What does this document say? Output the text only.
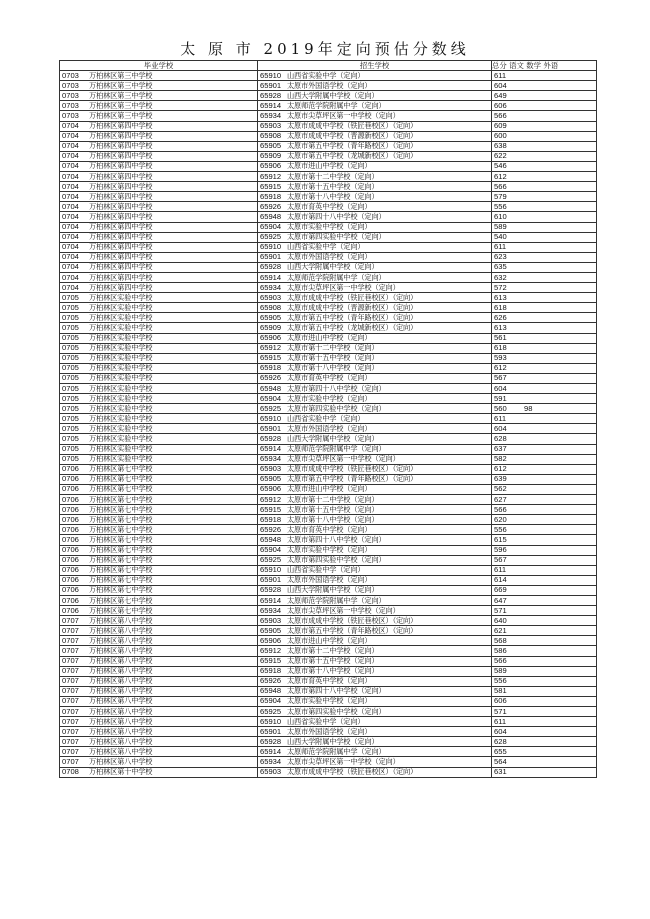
太 原 市 2019年定向预估分数线
毕业学校	招生学校	总分 语文 数学 外语

0703 万柏林区第三中学校	65910 山西省实验中学（定向）	611

0703 万柏林区第三中学校	65901 太原市外国语学校（定向）	604

0703 万柏林区第三中学校	65928 山西大学附属中学校（定向）	649

0703 万柏林区第三中学校	65914 太原师范学院附属中学（定向）	606

0703 万柏林区第三中学校	65934 太原市尖草坪区第一中学校（定向）	566

0704 万柏林区第四中学校	65903 太原市成成中学校（铁匠巷校区）（定向）	609

0704 万柏林区第四中学校	65908 太原市成成中学校（晋源新校区）（定向）	600

0704 万柏林区第四中学校	65905 太原市第五中学校（青年路校区）（定向）	638

0704 万柏林区第四中学校	65909 太原市第五中学校（龙城新校区）（定向）	622

0704 万柏林区第四中学校	65906 太原市进山中学校（定向）	546

0704 万柏林区第四中学校	65912 太原市第十二中学校（定向）	612

0704 万柏林区第四中学校	65915 太原市第十五中学校（定向）	566

0704 万柏林区第四中学校	65918 太原市第十八中学校（定向）	579

0704 万柏林区第四中学校	65926 太原市育英中学校（定向）	556

0704 万柏林区第四中学校	65948 太原市第四十八中学校（定向）	610

0704 万柏林区第四中学校	65904 太原市实验中学校（定向）	589

0704 万柏林区第四中学校	65925 太原市第四实验中学校（定向）	540

0704 万柏林区第四中学校	65910 山西省实验中学（定向）	611

0704 万柏林区第四中学校	65901 太原市外国语学校（定向）	623

0704 万柏林区第四中学校	65928 山西大学附属中学校（定向）	635

0704 万柏林区第四中学校	65914 太原师范学院附属中学（定向）	632

0704 万柏林区第四中学校	65934 太原市尖草坪区第一中学校（定向）	572

0705 万柏林区实验中学校	65903 太原市成成中学校（铁匠巷校区）（定向）	613

0705 万柏林区实验中学校	65908 太原市成成中学校（晋源新校区）（定向）	618

0705 万柏林区实验中学校	65905 太原市第五中学校（青年路校区）（定向）	626

0705 万柏林区实验中学校	65909 太原市第五中学校（龙城新校区）（定向）	613

0705 万柏林区实验中学校	65906 太原市进山中学校（定向）	561

0705 万柏林区实验中学校	65912 太原市第十二中学校（定向）	618

0705 万柏林区实验中学校	65915 太原市第十五中学校（定向）	593

0705 万柏林区实验中学校	65918 太原市第十八中学校（定向）	612

0705 万柏林区实验中学校	65926 太原市育英中学校（定向）	567

0705 万柏林区实验中学校	65948 太原市第四十八中学校（定向）	604

0705 万柏林区实验中学校	65904 太原市实验中学校（定向）	591

0705 万柏林区实验中学校	65925 太原市第四实验中学校（定向）	560 98

0705 万柏林区实验中学校	65910 山西省实验中学（定向）	611

0705 万柏林区实验中学校	65901 太原市外国语学校（定向）	604

0705 万柏林区实验中学校	65928 山西大学附属中学校（定向）	628

0705 万柏林区实验中学校	65914 太原师范学院附属中学（定向）	637

0705 万柏林区实验中学校	65934 太原市尖草坪区第一中学校（定向）	582

0706 万柏林区第七中学校	65903 太原市成成中学校（铁匠巷校区）（定向）	612

0706 万柏林区第七中学校	65905 太原市第五中学校（青年路校区）（定向）	639

0706 万柏林区第七中学校	65906 太原市进山中学校（定向）	562

0706 万柏林区第七中学校	65912 太原市第十二中学校（定向）	627

0706 万柏林区第七中学校	65915 太原市第十五中学校（定向）	566

0706 万柏林区第七中学校	65918 太原市第十八中学校（定向）	620

0706 万柏林区第七中学校	65926 太原市育英中学校（定向）	556

0706 万柏林区第七中学校	65948 太原市第四十八中学校（定向）	615

0706 万柏林区第七中学校	65904 太原市实验中学校（定向）	596

0706 万柏林区第七中学校	65925 太原市第四实验中学校（定向）	567

0706 万柏林区第七中学校	65910 山西省实验中学（定向）	611

0706 万柏林区第七中学校	65901 太原市外国语学校（定向）	614

0706 万柏林区第七中学校	65928 山西大学附属中学校（定向）	669

0706 万柏林区第七中学校	65914 太原师范学院附属中学（定向）	647

0706 万柏林区第七中学校	65934 太原市尖草坪区第一中学校（定向）	571

0707 万柏林区第八中学校	65903 太原市成成中学校（铁匠巷校区）（定向）	640

0707 万柏林区第八中学校	65905 太原市第五中学校（青年路校区）（定向）	621

0707 万柏林区第八中学校	65906 太原市进山中学校（定向）	568

0707 万柏林区第八中学校	65912 太原市第十二中学校（定向）	586

0707 万柏林区第八中学校	65915 太原市第十五中学校（定向）	566

0707 万柏林区第八中学校	65918 太原市第十八中学校（定向）	589

0707 万柏林区第八中学校	65926 太原市育英中学校（定向）	556

0707 万柏林区第八中学校	65948 太原市第四十八中学校（定向）	581

0707 万柏林区第八中学校	65904 太原市实验中学校（定向）	606

0707 万柏林区第八中学校	65925 太原市第四实验中学校（定向）	571

0707 万柏林区第八中学校	65910 山西省实验中学（定向）	611

0707 万柏林区第八中学校	65901 太原市外国语学校（定向）	604

0707 万柏林区第八中学校	65928 山西大学附属中学校（定向）	628

0707 万柏林区第八中学校	65914 太原师范学院附属中学（定向）	655

0707 万柏林区第八中学校	65934 太原市尖草坪区第一中学校（定向）	564

0708 万柏林区第十中学校	65903 太原市成成中学校（铁匠巷校区）（定向）	631
